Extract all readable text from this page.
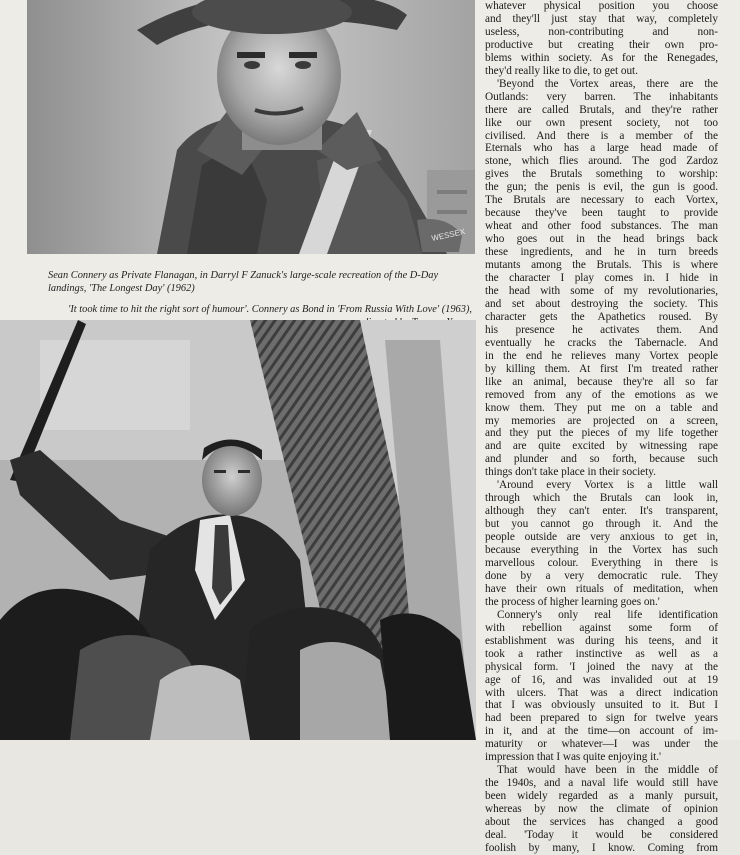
WESSEX

Sean Connery as Private Flanagan, in Darryl F Zanuck's large-scale recreation of the D-Day landings, 'The Longest Day' (1962)

'It took time to hit the right sort of humour'. Connery as Bond in 'From Russia With Love' (1963),

whatever physical position you choose
and they'll just stay that way, completely
useless, non-contributing and non-
productive but creating their own pro-
blems within society. As for the Renegades,
they'd really like to die, to get out.
'Beyond the Vortex areas, there are the
Outlands: very barren. The inhabitants
there are called Brutals, and they're rather
like our own present society, not too
civilised. And there is a member of the
Eternals who has a large head made of
stone, which flies around. The god Zardoz
gives the Brutals something to worship:
the gun; the penis is evil, the gun is good.
The Brutals are necessary to each Vortex,
because they've been taught to provide
wheat and other food substances. The man
who goes out in the head brings back
these ingredients, and he in turn breeds
mutants among the Brutals. This is where
the character I play comes in. I hide in
the head with some of my revolutionaries,
and set about destroying the society. This
character gets the Apathetics roused. By
his presence he activates them. And
eventually he cracks the Tabernacle. And
in the end he relieves many Vortex people
by killing them. At first I'm treated rather
like an animal, because they're all so far
removed from any of the emotions as we
know them. They put me on a table and
my memories are projected on a screen,
and they put the pieces of my life together
and are quite excited by witnessing rape
and plunder and so forth, because such
things don't take place in their society.
'Around every Vortex is a little wall
through which the Brutals can look in,
although they can't enter. It's transparent,
but you cannot go through it. And the
people outside are very anxious to get in,
because everything in the Vortex has such
marvellous colour. Everything in there is
done by a very democratic rule. They
have their own rituals of meditation, when
the process of higher learning goes on.'
Connery's only real life identification
with rebellion against some form of
establishment was during his teens, and it
took a rather instinctive as well as a
physical form. 'I joined the navy at the
age of 16, and was invalided out at 19
with ulcers. That was a direct indication
that I was obviously unsuited to it. But I
had been prepared to sign for twelve years
in it, and at the time—on account of im-
maturity or whatever—I was under the
impression that I was quite enjoying it.'
That would have been in the middle of
the 1940s, and a naval life would still have
been widely regarded as a manly pursuit,
whereas by now the climate of opinion
about the services has changed a good
deal. 'Today it would be considered
foolish by many, I know. Coming from
